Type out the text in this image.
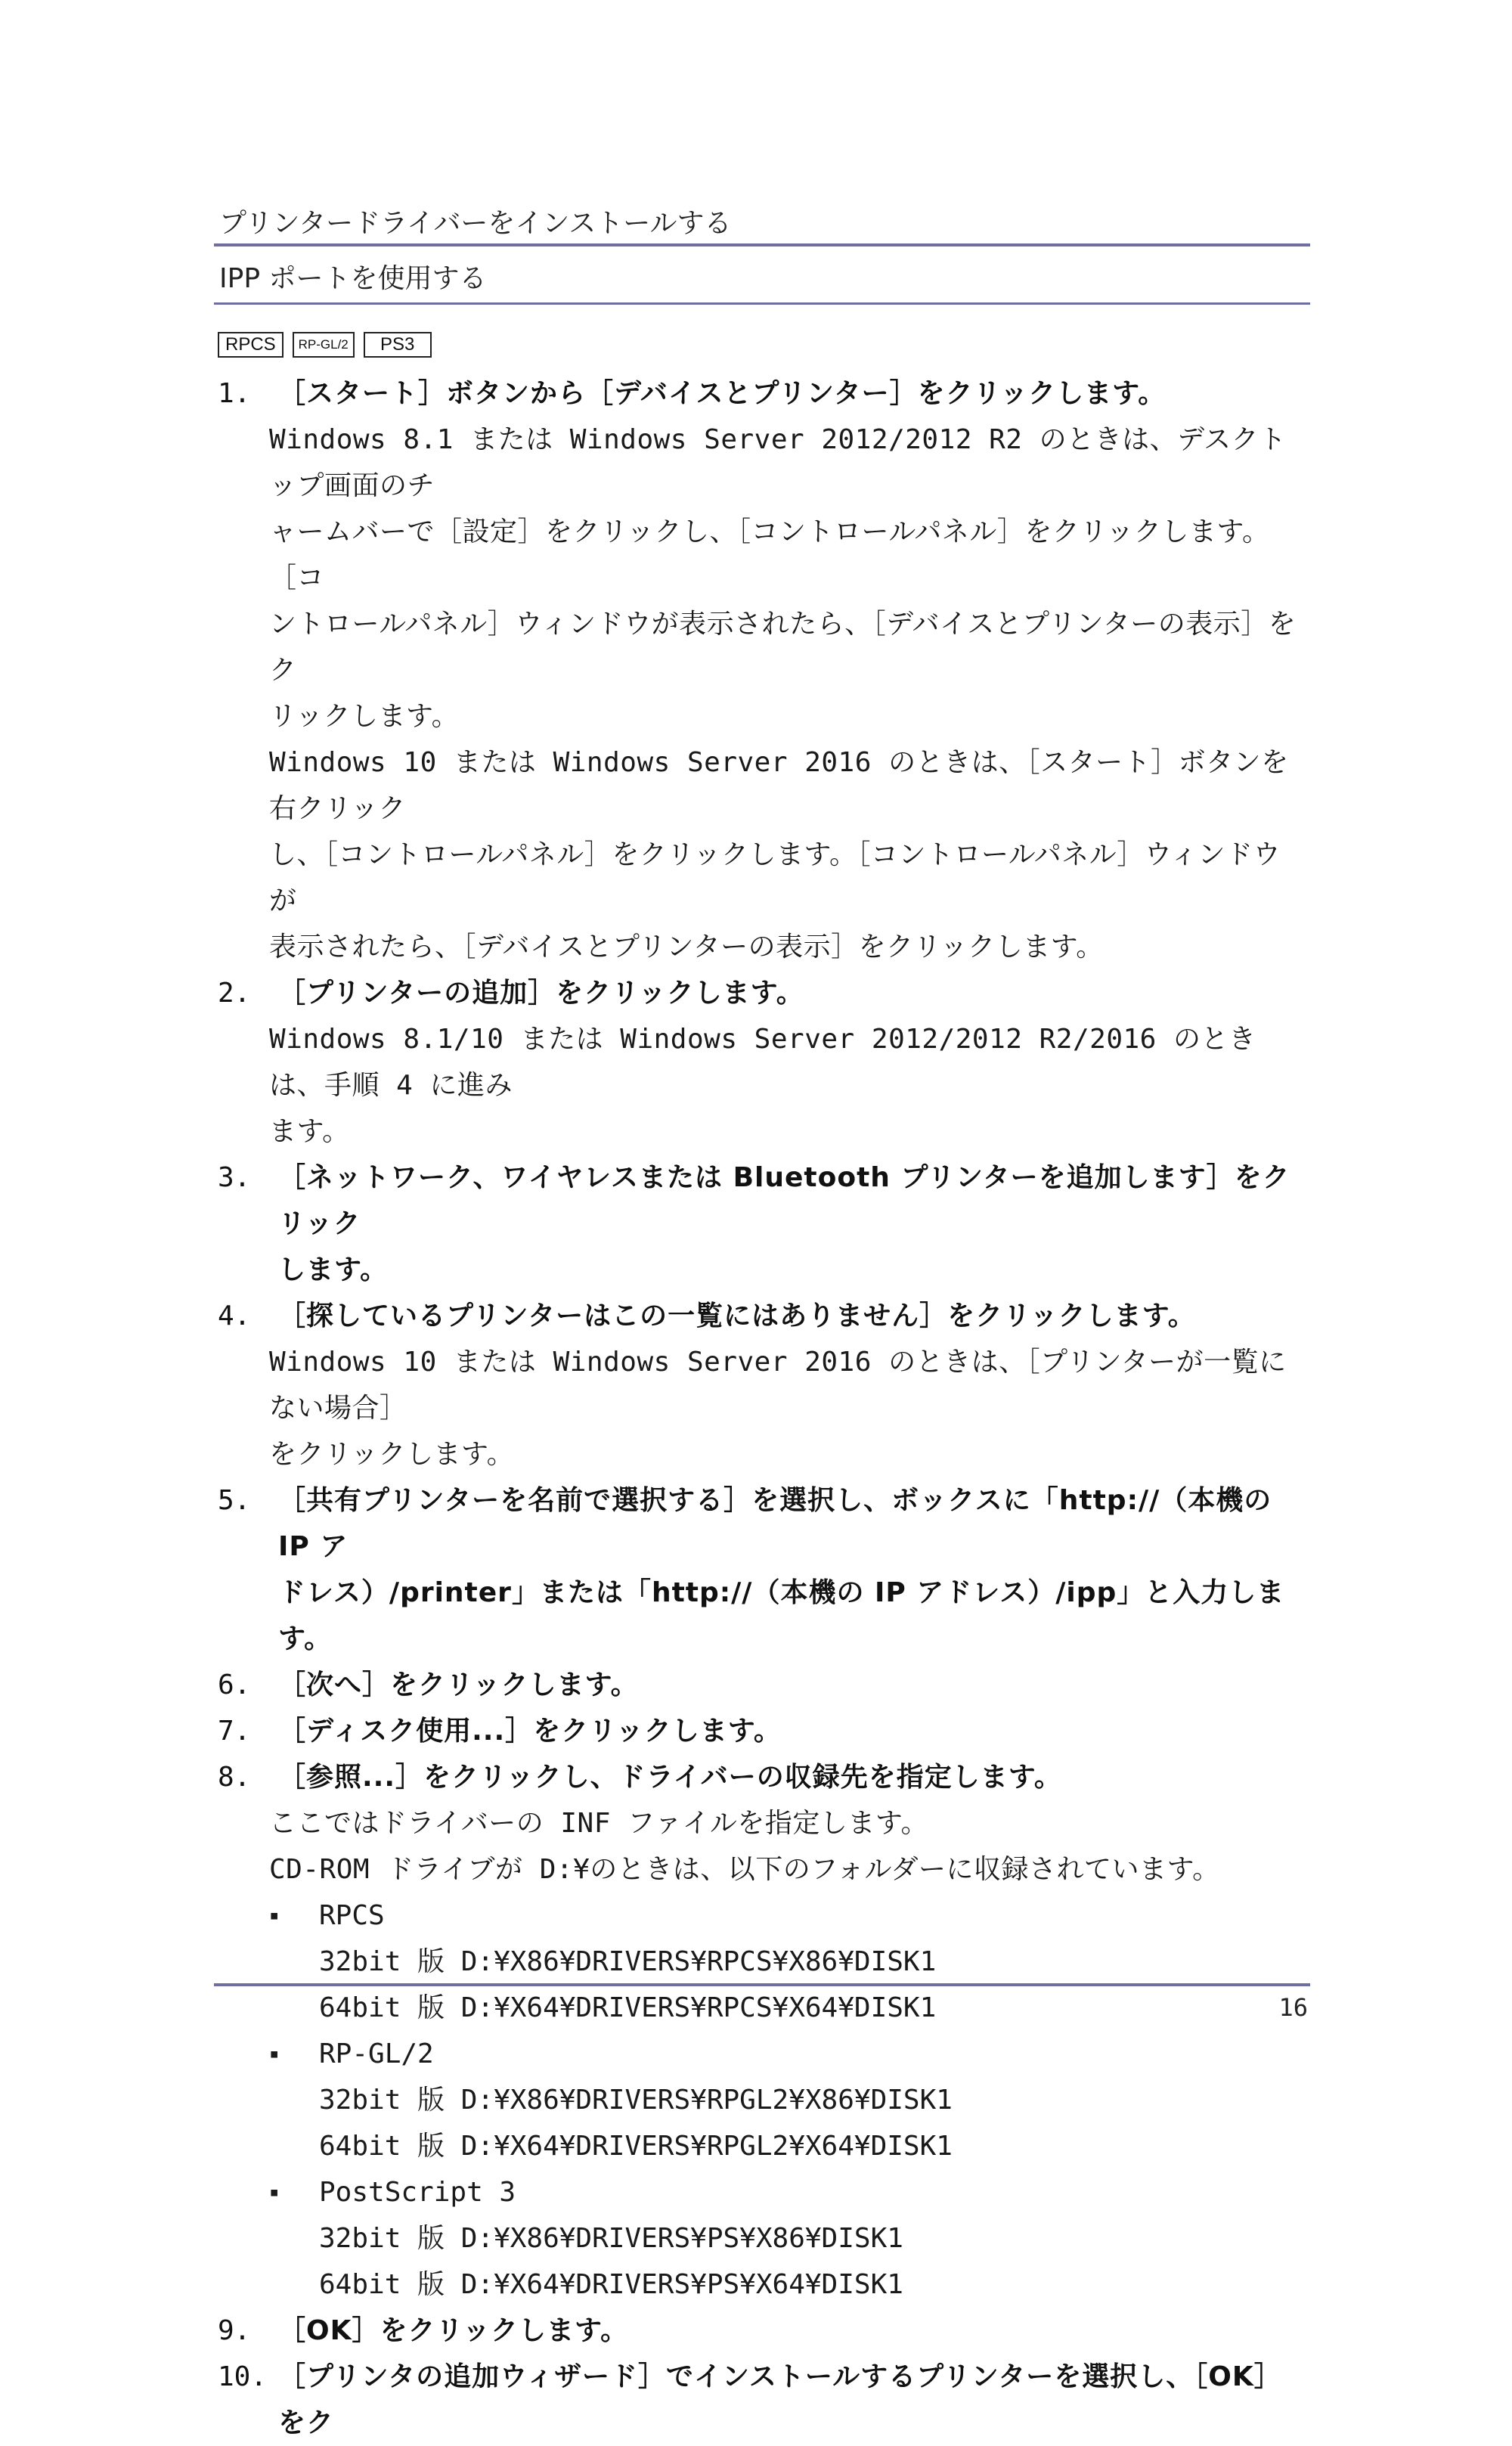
プリンタードライバーをインストールする
IPP ポートを使用する
RPCS	RP-GL/2	PS3
1.	［スタート］ボタンから［デバイスとプリンター］をクリックします。
Windows 8.1 または Windows Server 2012/2012 R2 のときは、デスクトップ画面のチ
ャームバーで［設定］をクリックし、［コントロールパネル］をクリックします。［コ
ントロールパネル］ウィンドウが表示されたら、［デバイスとプリンターの表示］をク
リックします。
Windows 10 または Windows Server 2016 のときは、［スタート］ボタンを右クリック
し、［コントロールパネル］をクリックします。［コントロールパネル］ウィンドウが
表示されたら、［デバイスとプリンターの表示］をクリックします。
2.	［プリンターの追加］をクリックします。
Windows 8.1/10 または Windows Server 2012/2012 R2/2016 のときは、手順 4 に進み
ます。
3.	［ネットワーク、ワイヤレスまたは Bluetooth プリンターを追加します］をクリック
します。
4.	［探しているプリンターはこの一覧にはありません］をクリックします。
Windows 10 または Windows Server 2016 のときは、［プリンターが一覧にない場合］
をクリックします。
5.	［共有プリンターを名前で選択する］を選択し、ボックスに「http://（本機の IP ア
ドレス）/printer」または「http://（本機の IP アドレス）/ipp」と入力します。
6.	［次へ］をクリックします。
7.	［ディスク使用...］をクリックします。
8.	［参照...］をクリックし、ドライバーの収録先を指定します。
ここではドライバーの INF ファイルを指定します。
CD-ROM ドライブが D:¥のときは、以下のフォルダーに収録されています。
▪	RPCS
32bit 版 D:¥X86¥DRIVERS¥RPCS¥X86¥DISK1
64bit 版 D:¥X64¥DRIVERS¥RPCS¥X64¥DISK1
▪	RP-GL/2
32bit 版 D:¥X86¥DRIVERS¥RPGL2¥X86¥DISK1
64bit 版 D:¥X64¥DRIVERS¥RPGL2¥X64¥DISK1
▪	PostScript 3
32bit 版 D:¥X86¥DRIVERS¥PS¥X86¥DISK1
64bit 版 D:¥X64¥DRIVERS¥PS¥X64¥DISK1
9.	［OK］をクリックします。
10. ［プリンタの追加ウィザード］でインストールするプリンターを選択し、［OK］をク
16
